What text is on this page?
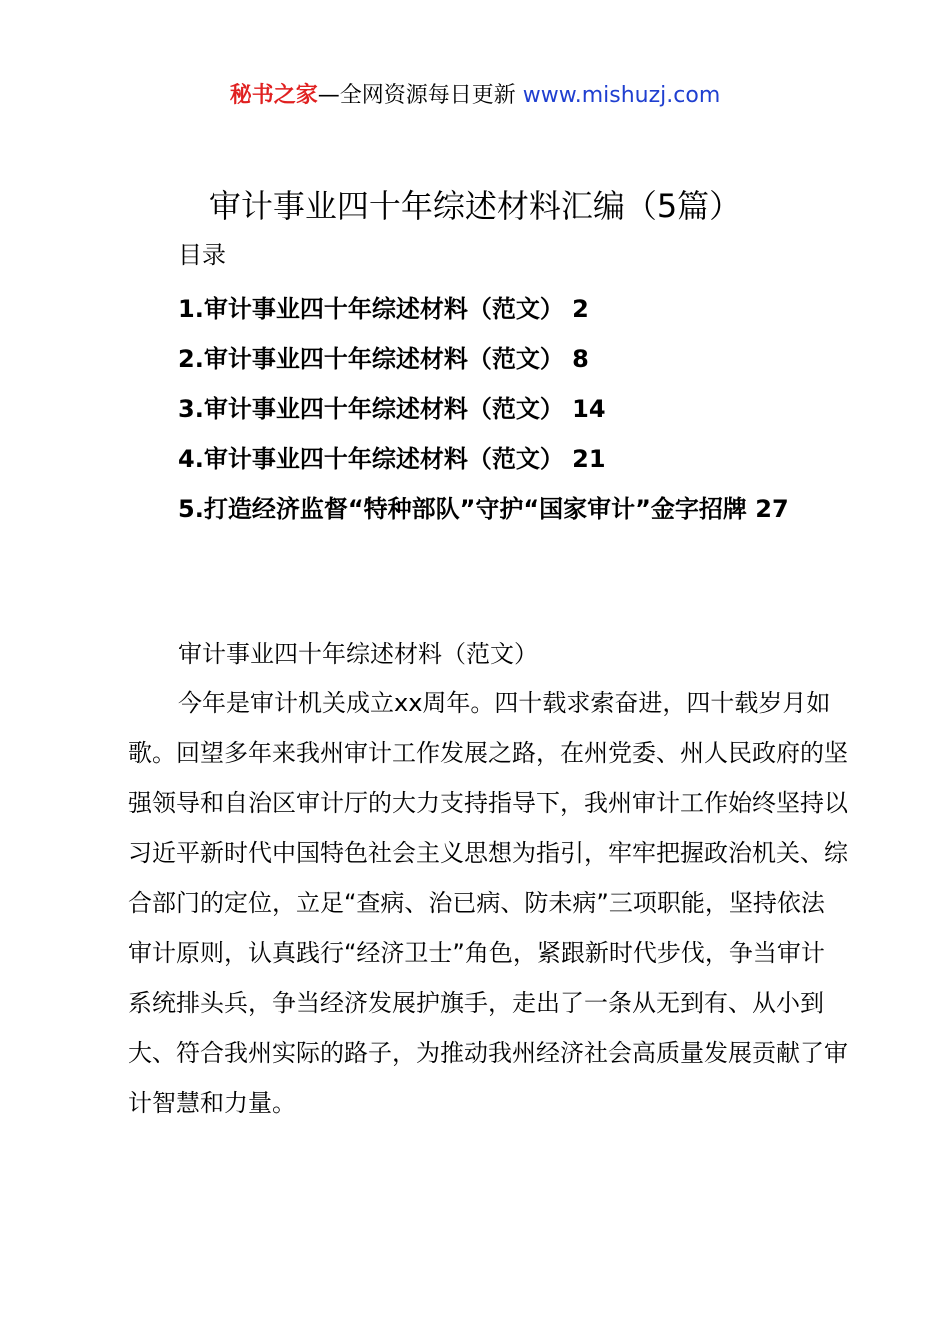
秘书之家—全网资源每日更新 www.mishuzj.com
审计事业四十年综述材料汇编（5篇）
目录
1.审计事业四十年综述材料（范文） 2
2.审计事业四十年综述材料（范文） 8
3.审计事业四十年综述材料（范文） 14
4.审计事业四十年综述材料（范文） 21
5.打造经济监督“特种部队”守护“国家审计”金字招牌 27
审计事业四十年综述材料（范文）
今年是审计机关成立xx周年。四十载求索奋进，四十载岁月如歌。回望多年来我州审计工作发展之路，在州党委、州人民政府的坚强领导和自治区审计厅的大力支持指导下，我州审计工作始终坚持以习近平新时代中国特色社会主义思想为指引，牢牢把握政治机关、综合部门的定位，立足“查病、治已病、防未病”三项职能，坚持依法审计原则，认真践行“经济卫士”角色，紧跟新时代步伐，争当审计系统排头兵，争当经济发展护旗手，走出了一条从无到有、从小到大、符合我州实际的路子，为推动我州经济社会高质量发展贡献了审计智慧和力量。
